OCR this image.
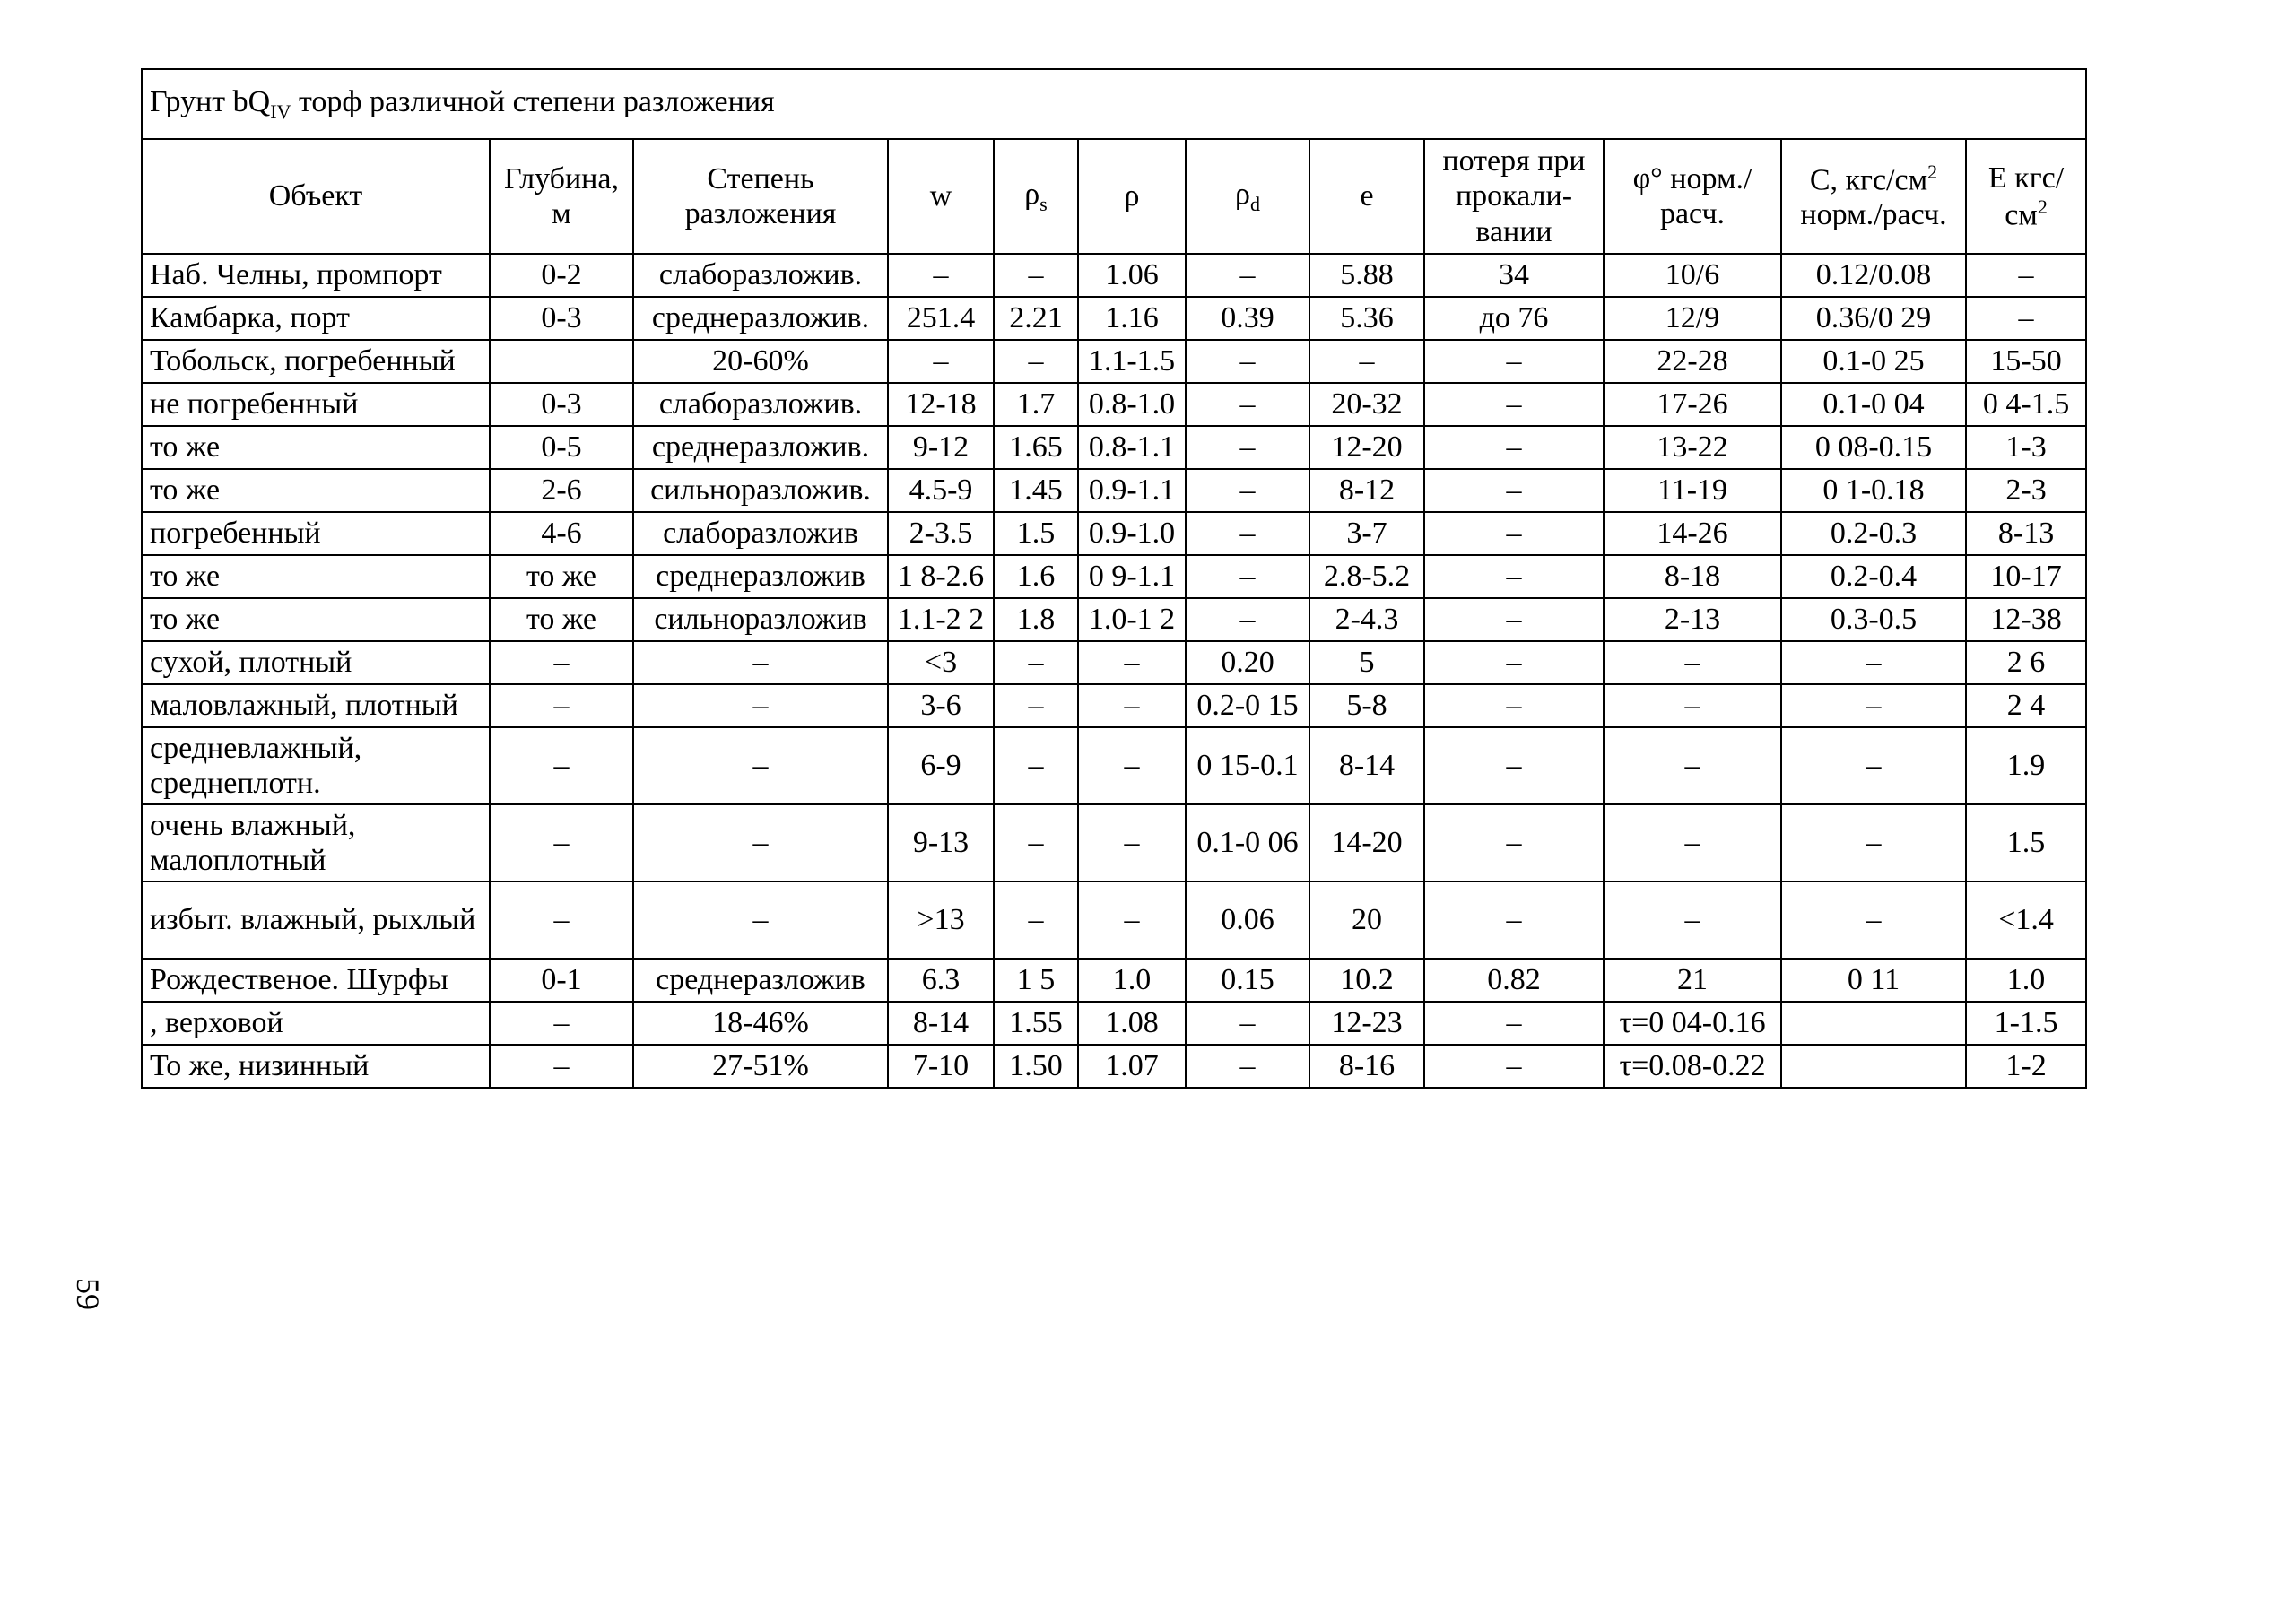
Грунт $bQ_{IV}$ торф различной степени разложения											
Объект	Глубина, м	Степень разложения	w	$\rho_s$	ρ	$\rho_d$	e	потеря при прокали-вании	φ° норм./расч.	С, кгс/$см^2$ норм./расч.	Е кгс/$см^2$
Наб. Челны, промпорт	0-2	слаборазложив.	–	–	1.06	–	5.88	34	10/6	0.12/0.08	–
Камбарка, порт	0-3	среднеразложив.	251.4	2.21	1.16	0.39	5.36	до 76	12/9	0.36/0 29	–
Тобольск, погребенный		20-60%	–	–	1.1-1.5	–	–	–	22-28	0.1-0 25	15-50
не погребенный	0-3	слаборазложив.	12-18	1.7	0.8-1.0	–	20-32	–	17-26	0.1-0 04	0 4-1.5
то же	0-5	среднеразложив.	9-12	1.65	0.8-1.1	–	12-20	–	13-22	0 08-0.15	1-3
то же	2-6	сильноразложив.	4.5-9	1.45	0.9-1.1	–	8-12	–	11-19	0 1-0.18	2-3
погребенный	4-6	слаборазложив	2-3.5	1.5	0.9-1.0	–	3-7	–	14-26	0.2-0.3	8-13
то же	то же	среднеразложив	1 8-2.6	1.6	0 9-1.1	–	2.8-5.2	–	8-18	0.2-0.4	10-17
то же	то же	сильноразложив	1.1-2 2	1.8	1.0-1 2	–	2-4.3	–	2-13	0.3-0.5	12-38
сухой, плотный	–	–	<3	–	–	0.20	5	–	–	–	2 6
маловлажный, плотный	–	–	3-6	–	–	0.2-0 15	5-8	–	–	–	2 4
средневлажный, среднеплотн.	–	–	6-9	–	–	0 15-0.1	8-14	–	–	–	1.9
очень влажный, малоплотный	–	–	9-13	–	–	0.1-0 06	14-20	–	–	–	1.5
избыт. влажный, рыхлый	–	–	>13	–	–	0.06	20	–	–	–	<1.4
Рождественое. Шурфы	0-1	среднеразложив	6.3	1 5	1.0	0.15	10.2	0.82	21	0 11	1.0
, верховой	–	18-46%	8-14	1.55	1.08	–	12-23	–	τ=0 04-0.16		1-1.5
То же, низинный	–	27-51%	7-10	1.50	1.07	–	8-16	–	τ=0.08-0.22		1-2
59
